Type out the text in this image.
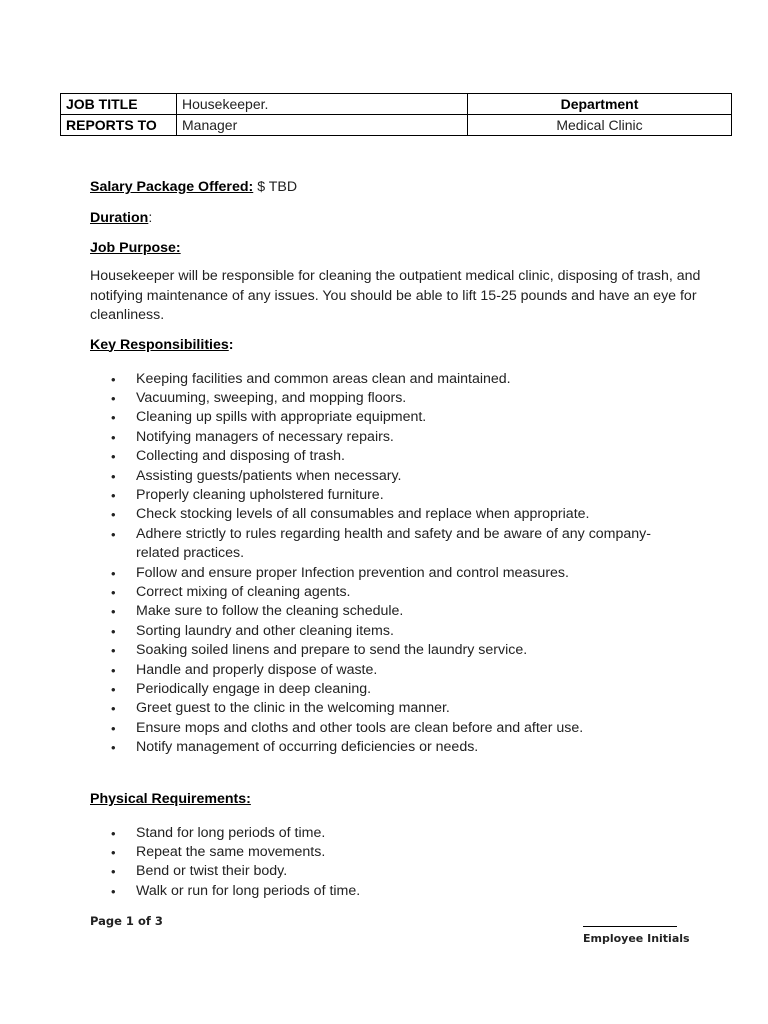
JOB TITLE	Housekeeper.	Department
REPORTS TO	Manager	Medical Clinic
Salary Package Offered: $ TBD
Duration:
Job Purpose:

Housekeeper will be responsible for cleaning the outpatient medical clinic, disposing of trash, and notifying maintenance of any issues. You should be able to lift 15-25 pounds and have an eye for cleanliness.

Key Responsibilities:
• Keeping facilities and common areas clean and maintained.
• Vacuuming, sweeping, and mopping floors.
• Cleaning up spills with appropriate equipment.
• Notifying managers of necessary repairs.
• Collecting and disposing of trash.
• Assisting guests/patients when necessary.
• Properly cleaning upholstered furniture.
• Check stocking levels of all consumables and replace when appropriate.
• Adhere strictly to rules regarding health and safety and be aware of any company-related practices.
• Follow and ensure proper Infection prevention and control measures.
• Correct mixing of cleaning agents.
• Make sure to follow the cleaning schedule.
• Sorting laundry and other cleaning items.
• Soaking soiled linens and prepare to send the laundry service.
• Handle and properly dispose of waste.
• Periodically engage in deep cleaning.
• Greet guest to the clinic in the welcoming manner.
• Ensure mops and cloths and other tools are clean before and after use.
• Notify management of occurring deficiencies or needs.
Physical Requirements:
• Stand for long periods of time.
• Repeat the same movements.
• Bend or twist their body.
• Walk or run for long periods of time.
Page 1 of 3
Employee Initials
